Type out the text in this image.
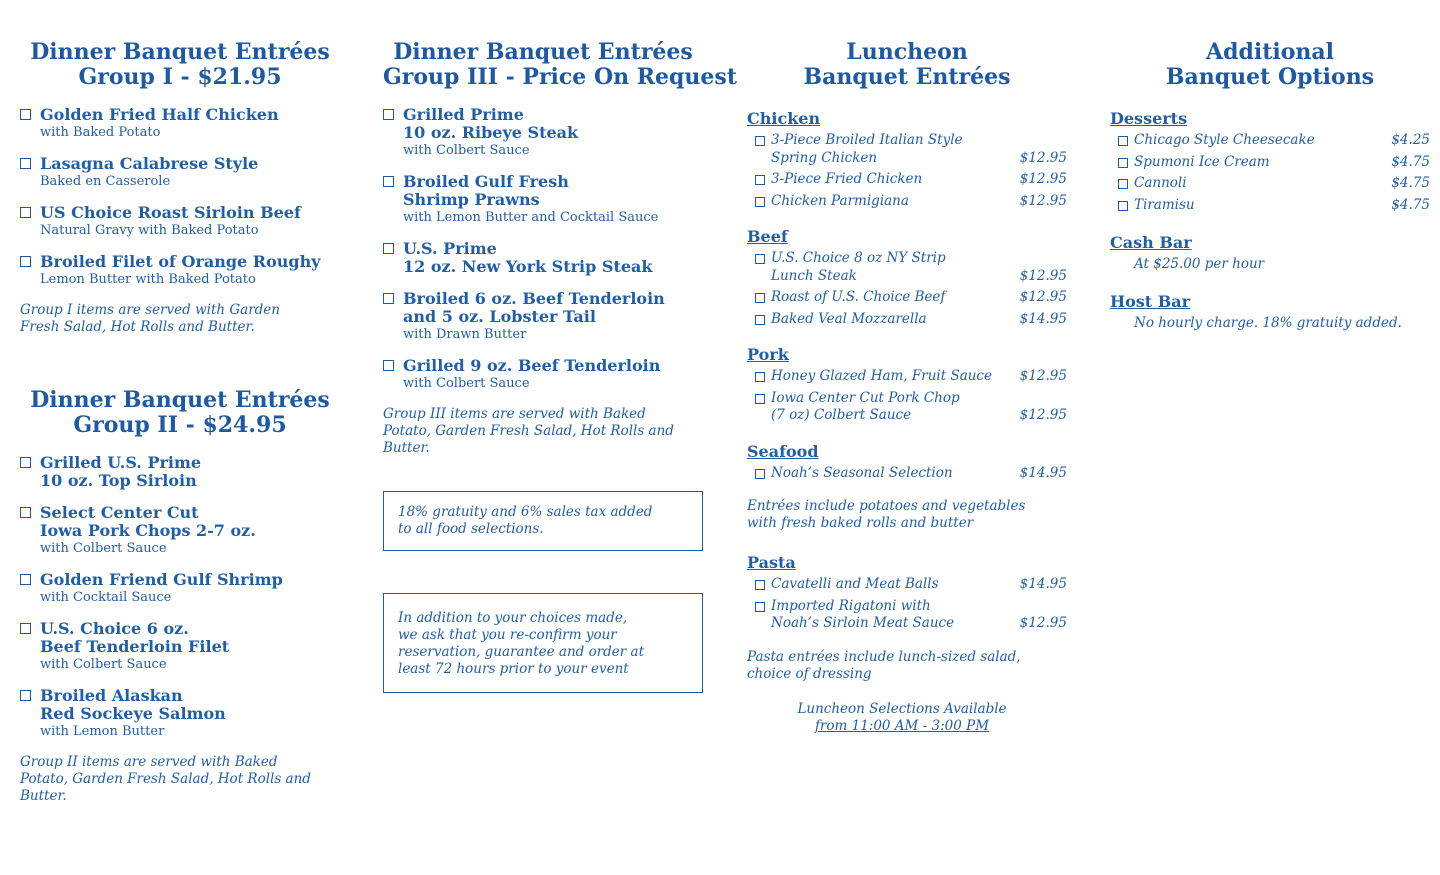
Dinner Banquet Entrées
Group I - $21.95
Golden Fried Half Chicken
with Baked Potato
Lasagna Calabrese Style
Baked en Casserole
US Choice Roast Sirloin Beef
Natural Gravy with Baked Potato
Broiled Filet of Orange Roughy
Lemon Butter with Baked Potato

Group I items are served with Garden
Fresh Salad, Hot Rolls and Butter.

Dinner Banquet Entrées
Group II - $24.95
Grilled U.S. Prime
10 oz. Top Sirloin
Select Center Cut
Iowa Pork Chops 2-7 oz.
with Colbert Sauce
Golden Friend Gulf Shrimp
with Cocktail Sauce
U.S. Choice 6 oz.
Beef Tenderloin Filet
with Colbert Sauce
Broiled Alaskan
Red Sockeye Salmon
with Lemon Butter

Group II items are served with Baked
Potato, Garden Fresh Salad, Hot Rolls and
Butter.

Dinner Banquet Entrées
Group III - Price On Request
Grilled Prime
10 oz. Ribeye Steak
with Colbert Sauce
Broiled Gulf Fresh
Shrimp Prawns
with Lemon Butter and Cocktail Sauce
U.S. Prime
12 oz. New York Strip Steak
Broiled 6 oz. Beef Tenderloin
and 5 oz. Lobster Tail
with Drawn Butter
Grilled 9 oz. Beef Tenderloin
with Colbert Sauce

Group III items are served with Baked
Potato, Garden Fresh Salad, Hot Rolls and
Butter.

18% gratuity and 6% sales tax added
to all food selections.
In addition to your choices made,
we ask that you re-confirm your
reservation, guarantee and order at
least 72 hours prior to your event
Luncheon
Banquet Entrées
Chicken
3-Piece Broiled Italian Style
Spring Chicken	$12.95
3-Piece Fried Chicken	$12.95
Chicken Parmigiana	$12.95
Beef
U.S. Choice 8 oz NY Strip
Lunch Steak	$12.95
Roast of U.S. Choice Beef	$12.95
Baked Veal Mozzarella	$14.95
Pork
Honey Glazed Ham, Fruit Sauce	$12.95
Iowa Center Cut Pork Chop
(7 oz) Colbert Sauce	$12.95
Seafood
Noah’s Seasonal Selection	$14.95

Entrées include potatoes and vegetables
with fresh baked rolls and butter

Pasta
Cavatelli and Meat Balls	$14.95
Imported Rigatoni with
Noah’s Sirloin Meat Sauce	$12.95

Pasta entrées include lunch-sized salad,
choice of dressing

Luncheon Selections Available
from 11:00 AM - 3:00 PM
Additional
Banquet Options
Desserts
Chicago Style Cheesecake	$4.25
Spumoni Ice Cream	$4.75
Cannoli	$4.75
Tiramisu	$4.75
Cash Bar
At $25.00 per hour
Host Bar
No hourly charge. 18% gratuity added.
